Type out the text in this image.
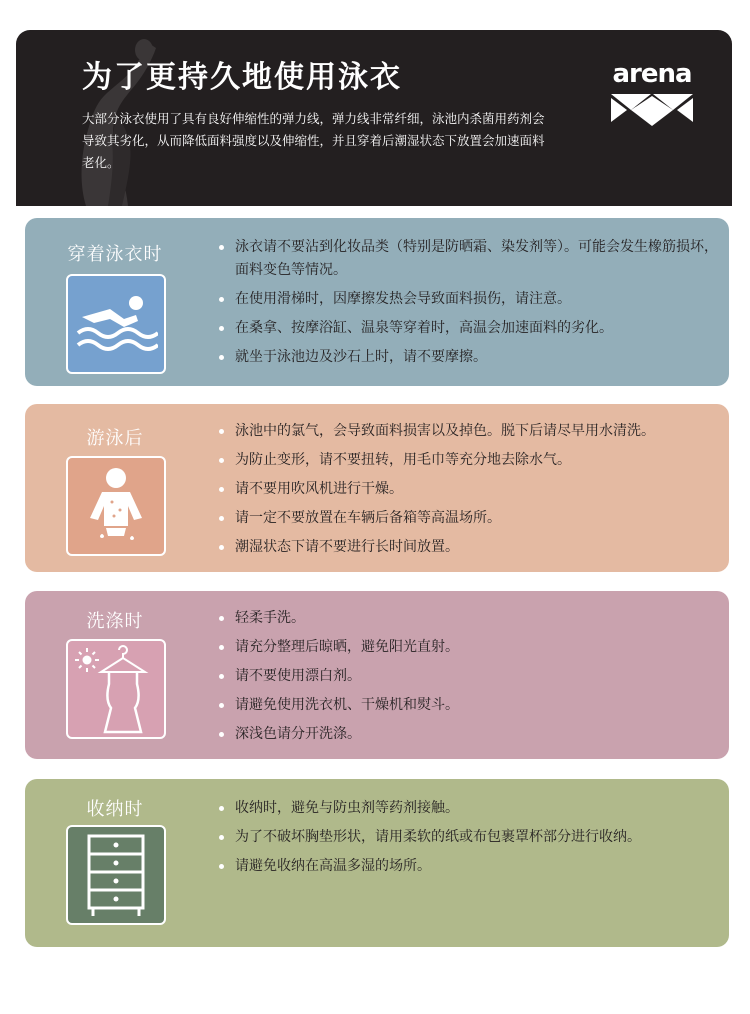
为了更持久地使用泳衣

大部分泳衣使用了具有良好伸缩性的弹力线，弹力线非常纤细，泳池内杀菌用药剂会导致其劣化，从而降低面料强度以及伸缩性，并且穿着后潮湿状态下放置会加速面料老化。

arena
穿着泳衣时	泳衣请不要沾到化妆品类（特别是防晒霜、染发剂等）。可能会发生橡筋损坏，面料变色等情况。
在使用滑梯时，因摩擦发热会导致面料损伤，请注意。
在桑拿、按摩浴缸、温泉等穿着时，高温会加速面料的劣化。
就坐于泳池边及沙石上时，请不要摩擦。
游泳后	泳池中的氯气，会导致面料损害以及掉色。脱下后请尽早用水清洗。
为防止变形，请不要扭转，用毛巾等充分地去除水气。
请不要用吹风机进行干燥。
请一定不要放置在车辆后备箱等高温场所。
潮湿状态下请不要进行长时间放置。
洗涤时	轻柔手洗。
请充分整理后晾晒，避免阳光直射。
请不要使用漂白剂。
请避免使用洗衣机、干燥机和熨斗。
深浅色请分开洗涤。
收纳时	收纳时，避免与防虫剂等药剂接触。
为了不破坏胸垫形状，请用柔软的纸或布包裹罩杯部分进行收纳。
请避免收纳在高温多湿的场所。
